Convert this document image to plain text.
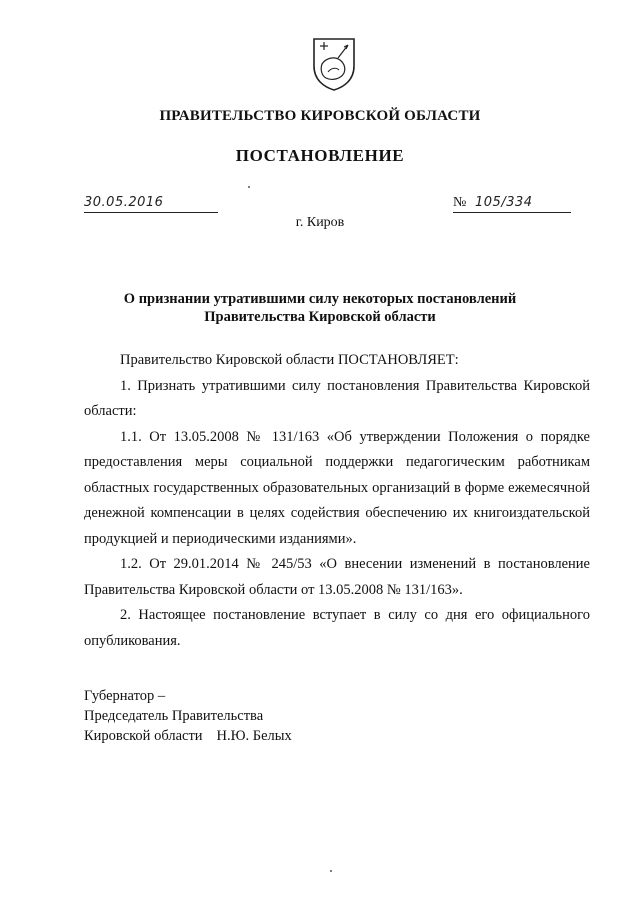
ПРАВИТЕЛЬСТВО КИРОВСКОЙ ОБЛАСТИ
ПОСТАНОВЛЕНИЕ
30.05.2016	№ 105/334
г. Киров
О признании утратившими силу некоторых постановлений
Правительства Кировской области

Правительство Кировской области ПОСТАНОВЛЯЕТ:

1. Признать утратившими силу постановления Правительства Кировской области:

1.1. От 13.05.2008 № 131/163 «Об утверждении Положения о порядке предоставления меры социальной поддержки педагогическим работникам областных государственных образовательных организаций в форме ежемесячной денежной компенсации в целях содействия обеспечению их книгоиздательской продукцией и периодическими изданиями».

1.2. От 29.01.2014 № 245/53 «О внесении изменений в постановление Правительства Кировской области от 13.05.2008 № 131/163».

2. Настоящее постановление вступает в силу со дня его официального опубликования.

Губернатор –
Председатель Правительства
Кировской области Н.Ю. Белых
